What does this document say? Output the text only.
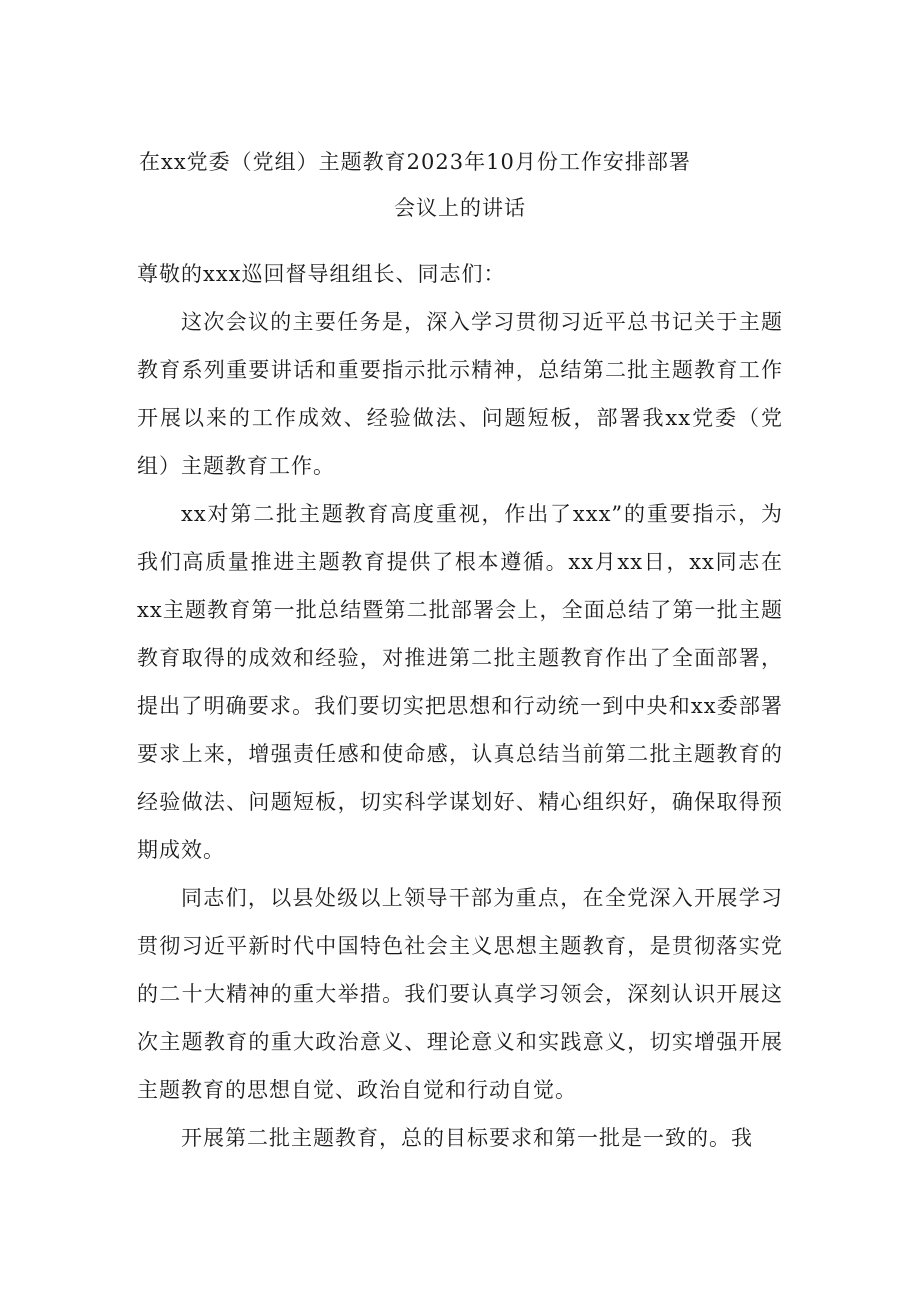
在xx党委（党组）主题教育2023年10月份工作安排部署
会议上的讲话
尊敬的xxx巡回督导组组长、同志们：

这次会议的主要任务是，深入学习贯彻习近平总书记关于主题教育系列重要讲话和重要指示批示精神，总结第二批主题教育工作开展以来的工作成效、经验做法、问题短板，部署我xx党委（党组）主题教育工作。

xx对第二批主题教育高度重视，作出了xxx”的重要指示，为我们高质量推进主题教育提供了根本遵循。xx月xx日，xx同志在xx主题教育第一批总结暨第二批部署会上，全面总结了第一批主题教育取得的成效和经验，对推进第二批主题教育作出了全面部署，提出了明确要求。我们要切实把思想和行动统一到中央和xx委部署要求上来，增强责任感和使命感，认真总结当前第二批主题教育的经验做法、问题短板，切实科学谋划好、精心组织好，确保取得预期成效。

同志们，以县处级以上领导干部为重点，在全党深入开展学习贯彻习近平新时代中国特色社会主义思想主题教育，是贯彻落实党的二十大精神的重大举措。我们要认真学习领会，深刻认识开展这次主题教育的重大政治意义、理论意义和实践意义，切实增强开展主题教育的思想自觉、政治自觉和行动自觉。

开展第二批主题教育，总的目标要求和第一批是一致的。我
